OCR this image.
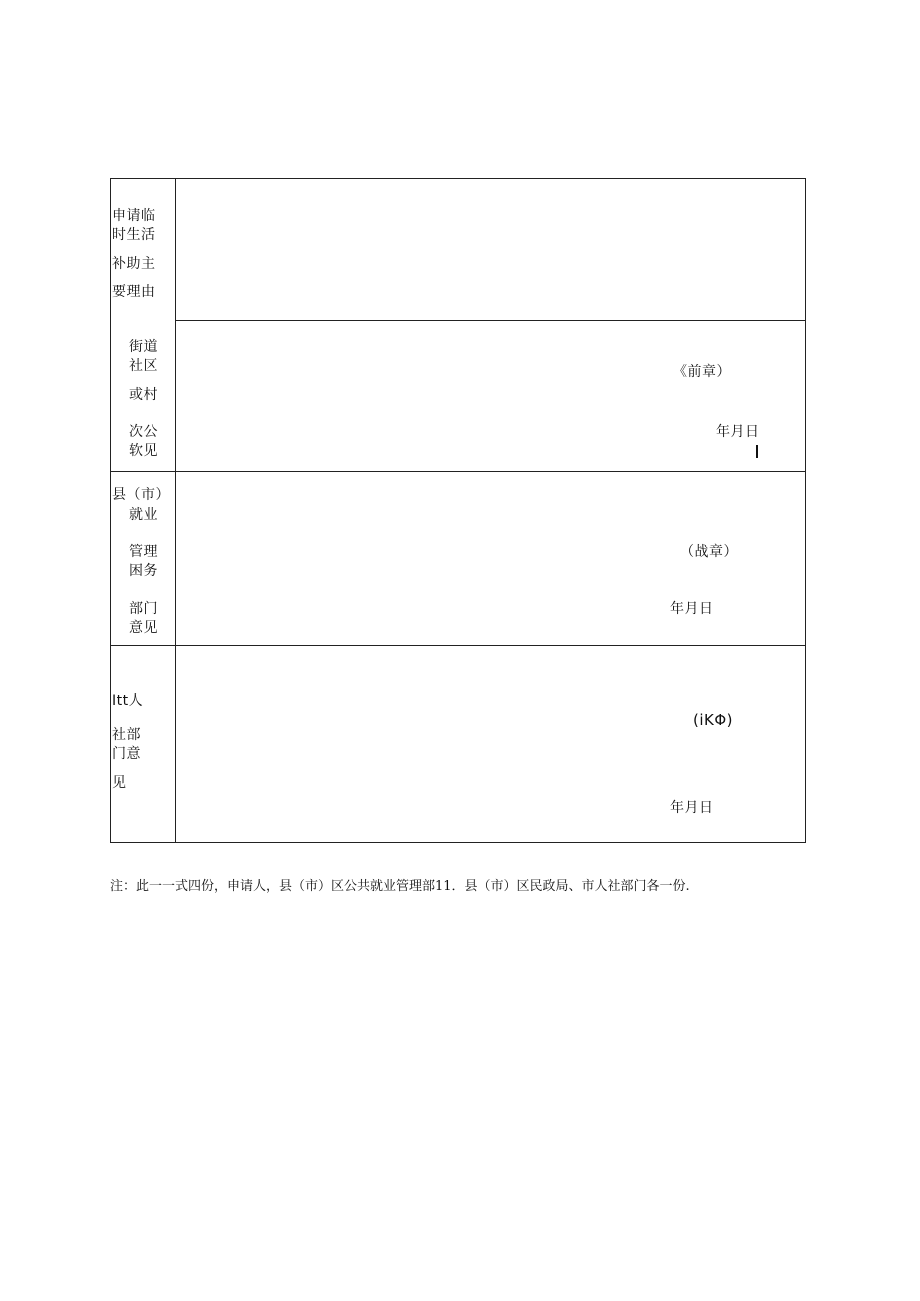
申请临
时生活
补助主
要理由
街道
社区
或村
次公
软见
《前章）
年月日
县（市）
就业
管理
困务
部门
意见
（战章）
年月日
Itt人
社部
门意
见
(iKΦ)
年月日
注：此一一式四份，申请人，县（市）区公共就业管理部11．县（市）区民政局、市人社部门各一份.
